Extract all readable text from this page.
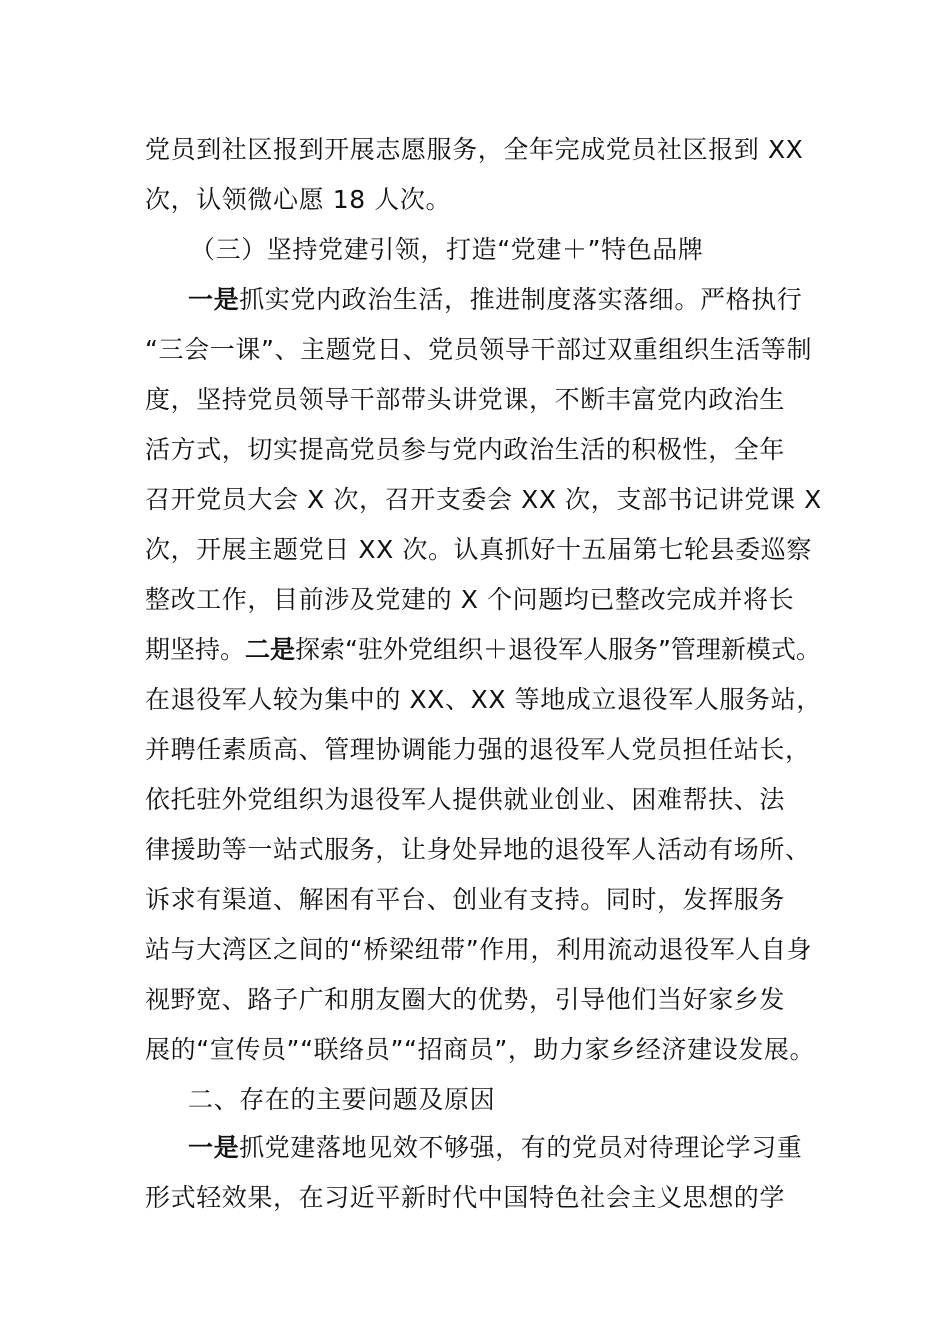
党员到社区报到开展志愿服务，全年完成党员社区报到 XX
次，认领微心愿 18 人次。
（三）坚持党建引领，打造“党建＋”特色品牌
一是抓实党内政治生活，推进制度落实落细。严格执行
“三会一课”、主题党日、党员领导干部过双重组织生活等制
度，坚持党员领导干部带头讲党课，不断丰富党内政治生
活方式，切实提高党员参与党内政治生活的积极性，全年
召开党员大会 X 次，召开支委会 XX 次，支部书记讲党课 X
次，开展主题党日 XX 次。认真抓好十五届第七轮县委巡察
整改工作，目前涉及党建的 X 个问题均已整改完成并将长
期坚持。二是探索“驻外党组织＋退役军人服务”管理新模式。
在退役军人较为集中的 XX、XX 等地成立退役军人服务站，
并聘任素质高、管理协调能力强的退役军人党员担任站长，
依托驻外党组织为退役军人提供就业创业、困难帮扶、法
律援助等一站式服务，让身处异地的退役军人活动有场所、
诉求有渠道、解困有平台、创业有支持。同时，发挥服务
站与大湾区之间的“桥梁纽带”作用，利用流动退役军人自身
视野宽、路子广和朋友圈大的优势，引导他们当好家乡发
展的“宣传员”“联络员”“招商员”，助力家乡经济建设发展。
二、存在的主要问题及原因
一是抓党建落地见效不够强，有的党员对待理论学习重
形式轻效果，在习近平新时代中国特色社会主义思想的学
